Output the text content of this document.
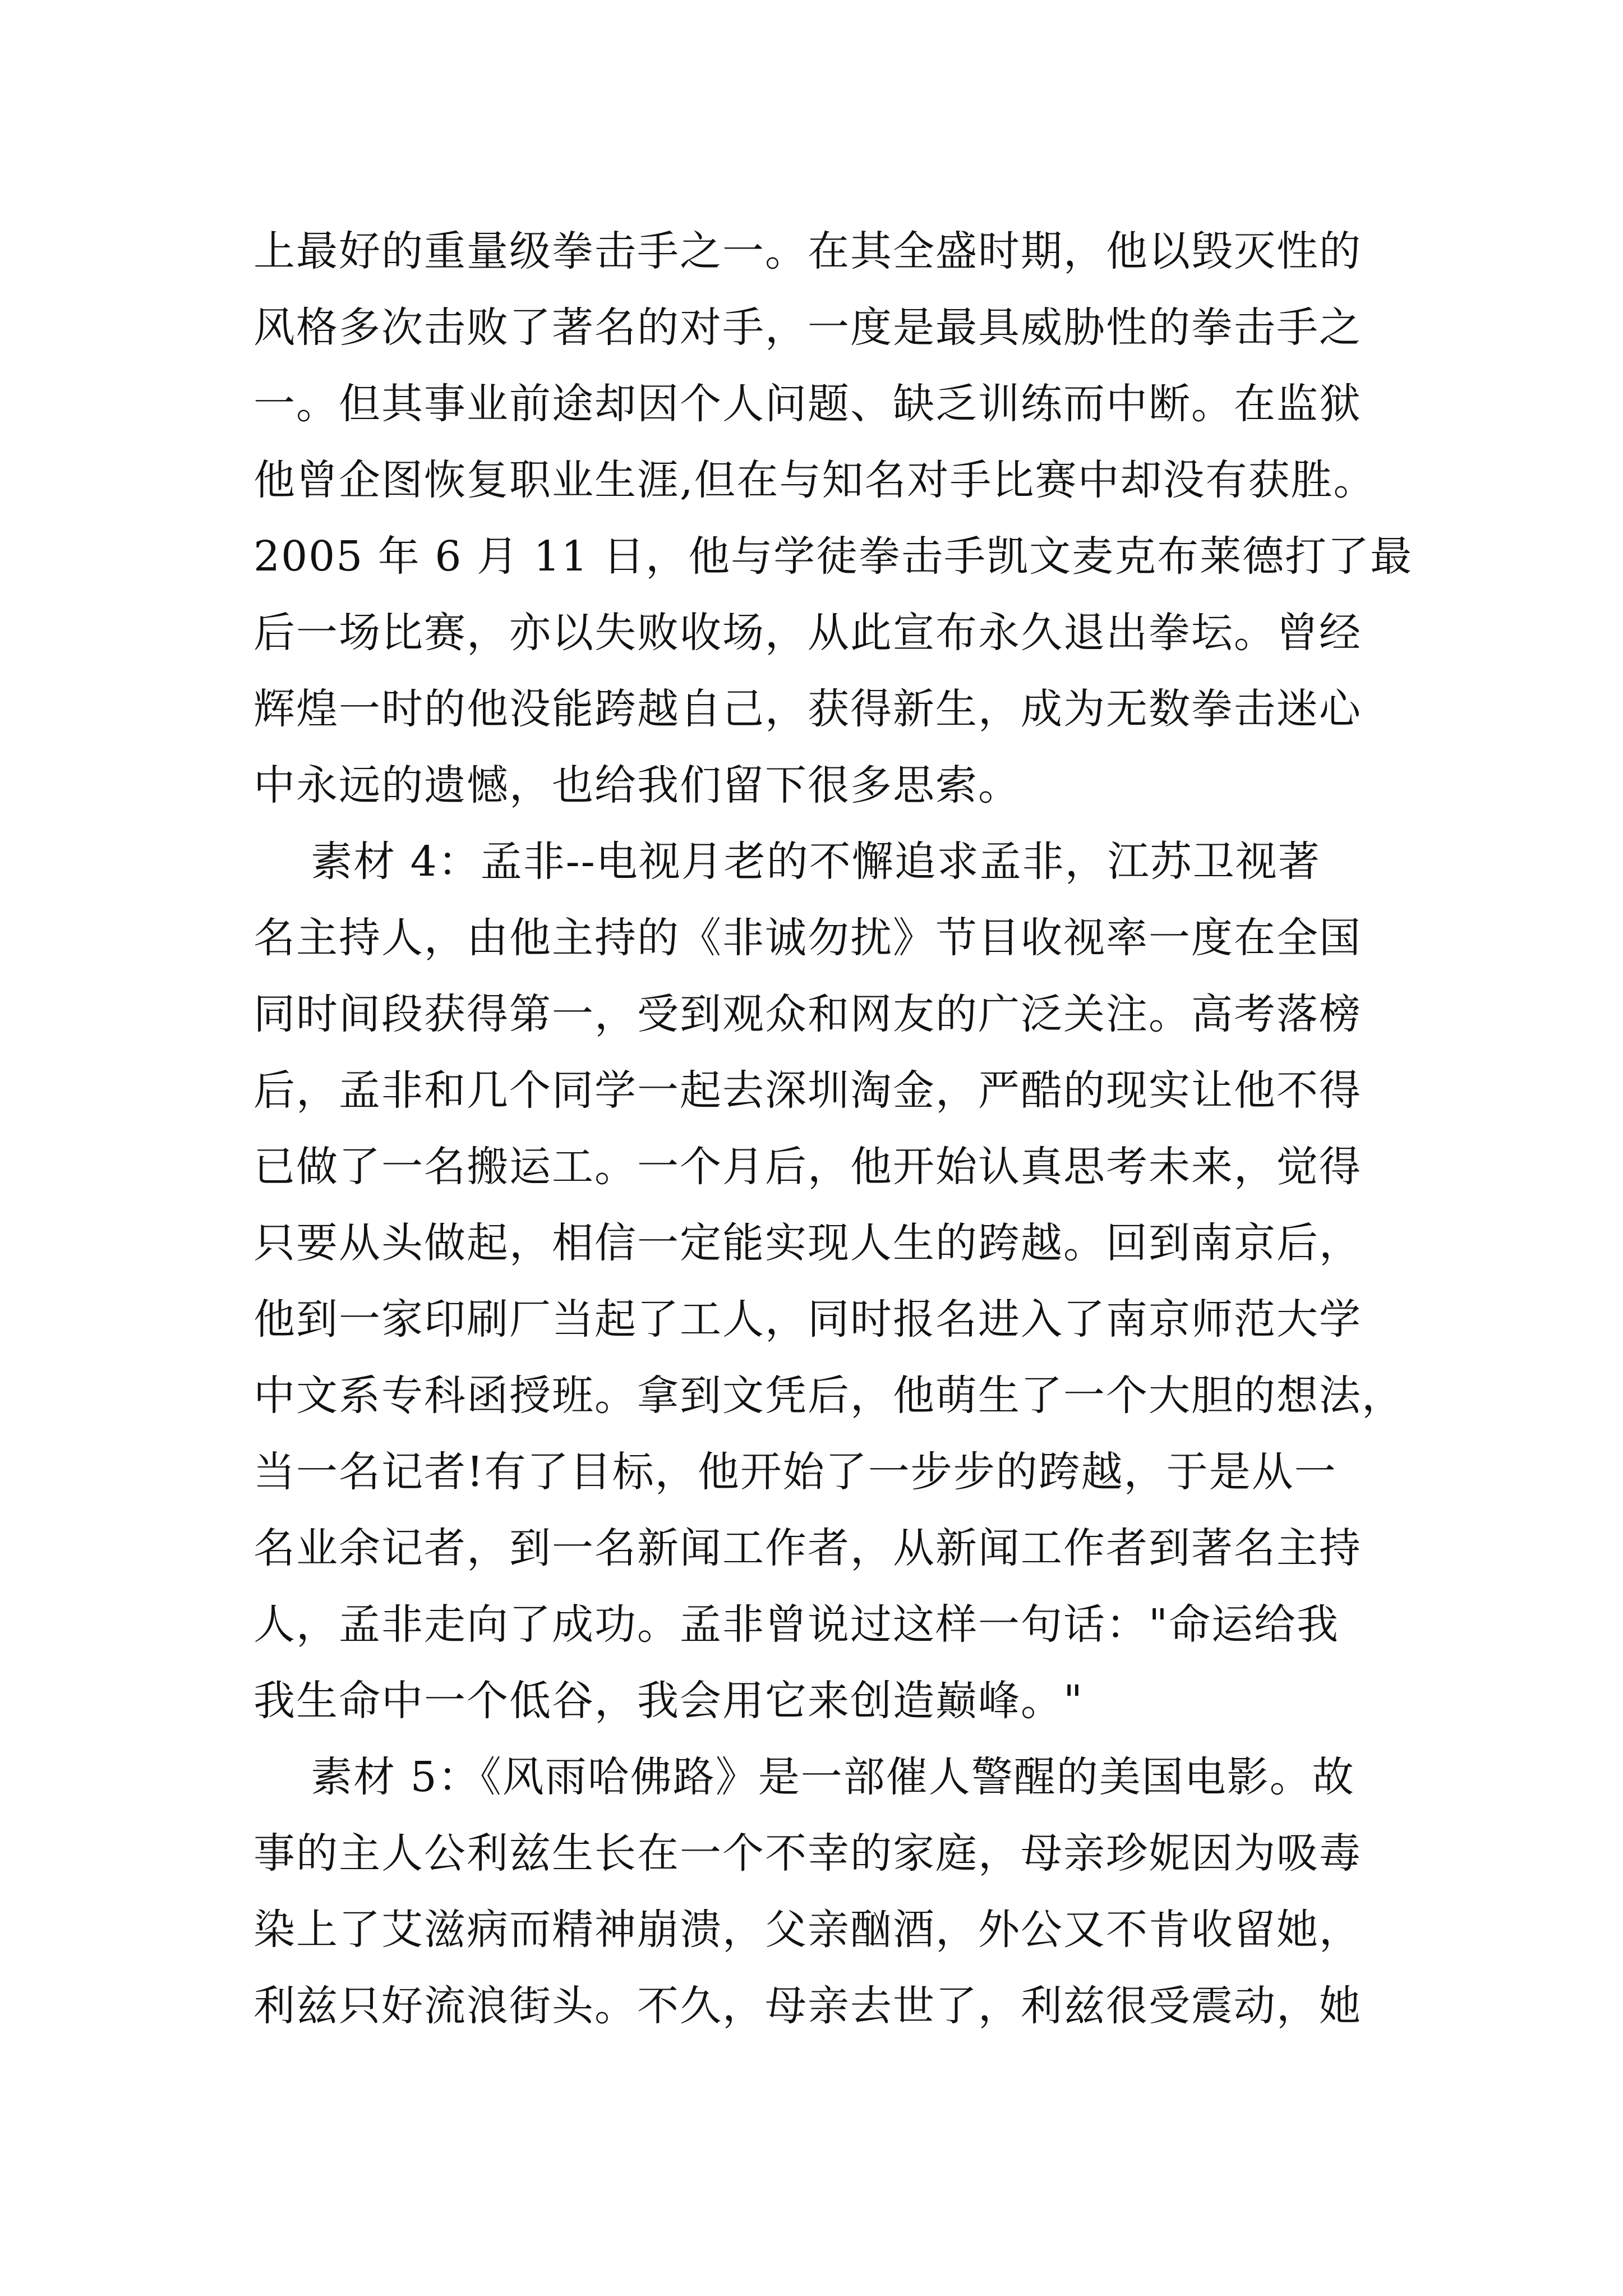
上最好的重量级拳击手之一。在其全盛时期，他以毁灭性的
风格多次击败了著名的对手，一度是最具威胁性的拳击手之
一。但其事业前途却因个人问题、缺乏训练而中断。在监狱
他曾企图恢复职业生涯,但在与知名对手比赛中却没有获胜。
2005 年 6 月 11 日，他与学徒拳击手凯文麦克布莱德打了最
后一场比赛，亦以失败收场，从此宣布永久退出拳坛。曾经
辉煌一时的他没能跨越自己，获得新生，成为无数拳击迷心
中永远的遗憾，也给我们留下很多思索。
素材 4：孟非--电视月老的不懈追求孟非，江苏卫视著
名主持人，由他主持的《非诚勿扰》节目收视率一度在全国
同时间段获得第一，受到观众和网友的广泛关注。高考落榜
后，孟非和几个同学一起去深圳淘金，严酷的现实让他不得
已做了一名搬运工。一个月后，他开始认真思考未来，觉得
只要从头做起，相信一定能实现人生的跨越。回到南京后，
他到一家印刷厂当起了工人，同时报名进入了南京师范大学
中文系专科函授班。拿到文凭后，他萌生了一个大胆的想法，
当一名记者!有了目标，他开始了一步步的跨越，于是从一
名业余记者，到一名新闻工作者，从新闻工作者到著名主持
人，孟非走向了成功。孟非曾说过这样一句话："命运给我
我生命中一个低谷，我会用它来创造巅峰。"
素材 5：《风雨哈佛路》是一部催人警醒的美国电影。故
事的主人公利兹生长在一个不幸的家庭，母亲珍妮因为吸毒
染上了艾滋病而精神崩溃，父亲酗酒，外公又不肯收留她，
利兹只好流浪街头。不久，母亲去世了，利兹很受震动，她
